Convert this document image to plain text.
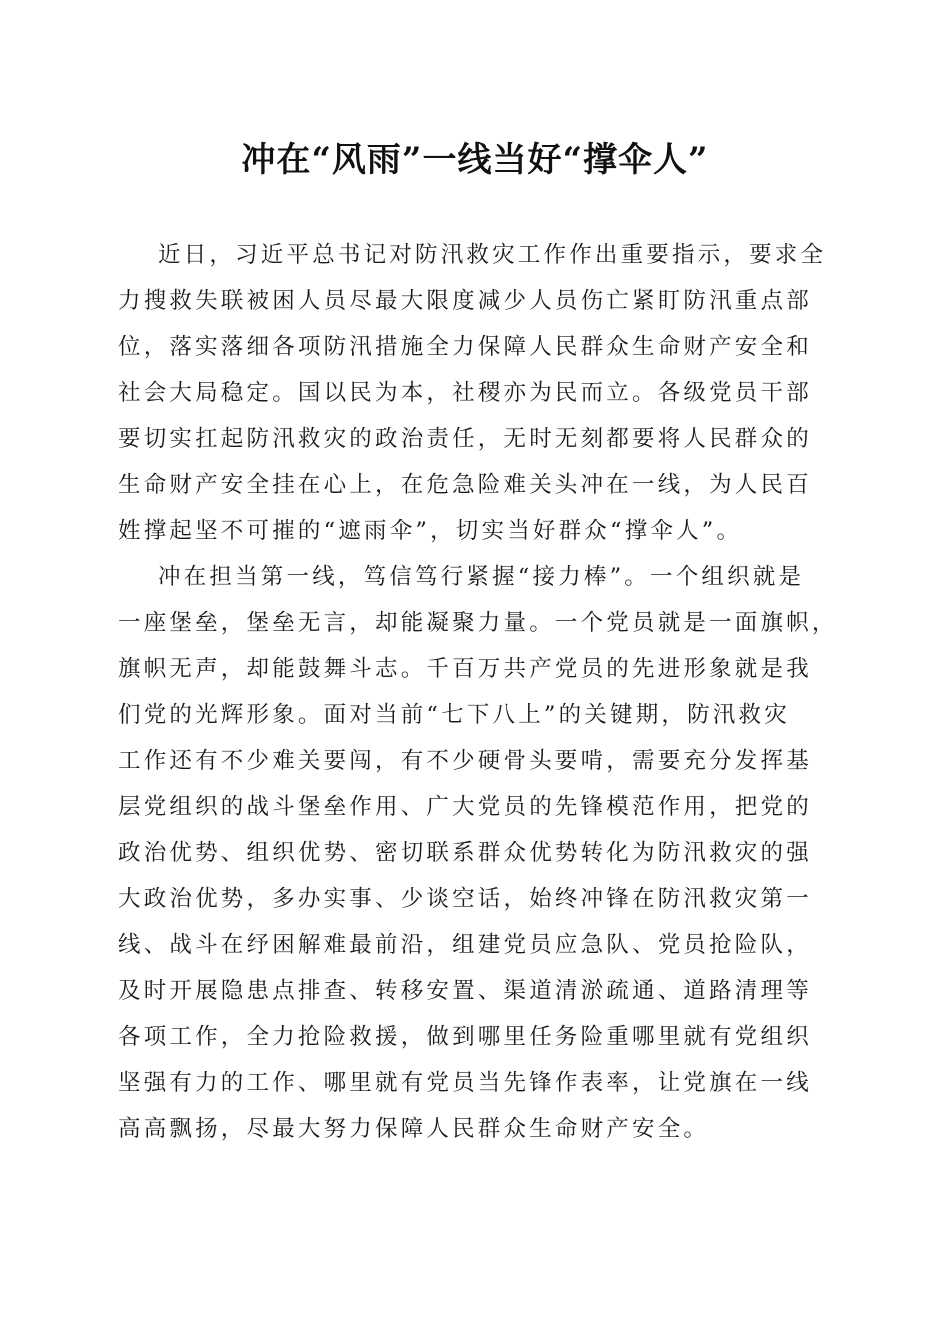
冲在“风雨”一线当好“撑伞人”
近日，习近平总书记对防汛救灾工作作出重要指示，要求全
力搜救失联被困人员尽最大限度减少人员伤亡紧盯防汛重点部
位，落实落细各项防汛措施全力保障人民群众生命财产安全和
社会大局稳定。国以民为本，社稷亦为民而立。各级党员干部
要切实扛起防汛救灾的政治责任，无时无刻都要将人民群众的
生命财产安全挂在心上，在危急险难关头冲在一线，为人民百
姓撑起坚不可摧的“遮雨伞”，切实当好群众“撑伞人”。
冲在担当第一线，笃信笃行紧握“接力棒”。一个组织就是
一座堡垒，堡垒无言，却能凝聚力量。一个党员就是一面旗帜，
旗帜无声，却能鼓舞斗志。千百万共产党员的先进形象就是我
们党的光辉形象。面对当前“七下八上”的关键期，防汛救灾
工作还有不少难关要闯，有不少硬骨头要啃，需要充分发挥基
层党组织的战斗堡垒作用、广大党员的先锋模范作用，把党的
政治优势、组织优势、密切联系群众优势转化为防汛救灾的强
大政治优势，多办实事、少谈空话，始终冲锋在防汛救灾第一
线、战斗在纾困解难最前沿，组建党员应急队、党员抢险队，
及时开展隐患点排查、转移安置、渠道清淤疏通、道路清理等
各项工作，全力抢险救援，做到哪里任务险重哪里就有党组织
坚强有力的工作、哪里就有党员当先锋作表率，让党旗在一线
高高飘扬，尽最大努力保障人民群众生命财产安全。
